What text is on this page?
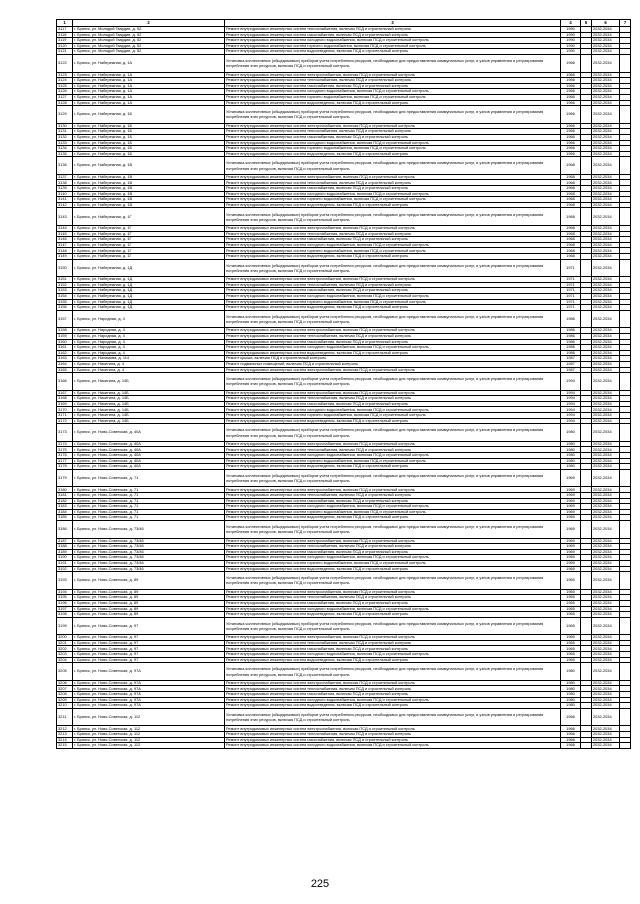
1	2	3	4	5	6	7
3117	г. Брянск, ул. Молодой Гвардии, д. 52	Ремонт внутридомовых инженерных систем теплоснабжения, включая ПСД и строительный контроль	1990		2032-2034	
3118	г. Брянск, ул. Молодой Гвардии, д. 52	Ремонт внутридомовых инженерных систем газоснабжения, включая ПСД и строительный контроль	1990		2032-2034	
3119	г. Брянск, ул. Молодой Гвардии, д. 52	Ремонт внутридомовых инженерных систем холодного водоснабжения, включая ПСД и строительный контроль	1990		2032-2034	
3120	г. Брянск, ул. Молодой Гвардии, д. 52	Ремонт внутридомовых инженерных систем горячего водоснабжения, включая ПСД и строительный контроль	1990		2032-2034	
3121	г. Брянск, ул. Молодой Гвардии, д. 52	Ремонт внутридомовых инженерных систем водоотведения, включая ПСД и строительный контроль	1990		2032-2034	
3122	г. Брянск, ул. Набережная, д. 1А	Установка коллективных (общедомовых) приборов учета потребления ресурсов, необходимых для предоставления коммунальных услуг, и узлов управления и регулирования потребления этих ресурсов, включая ПСД и строительный контроль	1966		2032-2034	
3123	г. Брянск, ул. Набережная, д. 1А	Ремонт внутридомовых инженерных систем электроснабжения, включая ПСД и строительный контроль	1966		2032-2034	
3124	г. Брянск, ул. Набережная, д. 1А	Ремонт внутридомовых инженерных систем теплоснабжения, включая ПСД и строительный контроль	1966		2032-2034	
3125	г. Брянск, ул. Набережная, д. 1А	Ремонт внутридомовых инженерных систем газоснабжения, включая ПСД и строительный контроль	1966		2032-2034	
3126	г. Брянск, ул. Набережная, д. 1А	Ремонт внутридомовых инженерных систем холодного водоснабжения, включая ПСД и строительный контроль	1966		2032-2034	
3127	г. Брянск, ул. Набережная, д. 1А	Ремонт внутридомовых инженерных систем горячего водоснабжения, включая ПСД и строительный контроль	1966		2032-2034	
3128	г. Брянск, ул. Набережная, д. 1А	Ремонт внутридомовых инженерных систем водоотведения, включая ПСД и строительный контроль	1966		2032-2034	
3129	г. Брянск, ул. Набережная, д. 1Б	Установка коллективных (общедомовых) приборов учета потребления ресурсов, необходимых для предоставления коммунальных услуг, и узлов управления и регулирования потребления этих ресурсов, включая ПСД и строительный контроль	1966		2032-2034	
3130	г. Брянск, ул. Набережная, д. 1Б	Ремонт внутридомовых инженерных систем электроснабжения, включая ПСД и строительный контроль	1966		2032-2034	
3131	г. Брянск, ул. Набережная, д. 1Б	Ремонт внутридомовых инженерных систем теплоснабжения, включая ПСД и строительный контроль	1966		2032-2034	
3132	г. Брянск, ул. Набережная, д. 1Б	Ремонт внутридомовых инженерных систем газоснабжения, включая ПСД и строительный контроль	1966		2032-2034	
3133	г. Брянск, ул. Набережная, д. 1Б	Ремонт внутридомовых инженерных систем холодного водоснабжения, включая ПСД и строительный контроль	1966		2032-2034	
3134	г. Брянск, ул. Набережная, д. 1Б	Ремонт внутридомовых инженерных систем горячего водоснабжения, включая ПСД и строительный контроль	1966		2032-2034	
3135	г. Брянск, ул. Набережная, д. 1Б	Ремонт внутридомовых инженерных систем водоотведения, включая ПСД и строительный контроль	1966		2032-2034	
3136	г. Брянск, ул. Набережная, д. 1В	Установка коллективных (общедомовых) приборов учета потребления ресурсов, необходимых для предоставления коммунальных услуг, и узлов управления и регулирования потребления этих ресурсов, включая ПСД и строительный контроль	1968		2032-2034	
3137	г. Брянск, ул. Набережная, д. 1В	Ремонт внутридомовых инженерных систем электроснабжения, включая ПСД и строительный контроль	1968		2032-2034	
3138	г. Брянск, ул. Набережная, д. 1В	Ремонт внутридомовых инженерных систем теплоснабжения, включая ПСД и строительный контроль	1968		2032-2034	
3139	г. Брянск, ул. Набережная, д. 1В	Ремонт внутридомовых инженерных систем газоснабжения, включая ПСД и строительный контроль	1968		2032-2034	
3140	г. Брянск, ул. Набережная, д. 1В	Ремонт внутридомовых инженерных систем холодного водоснабжения, включая ПСД и строительный контроль	1968		2032-2034	
3141	г. Брянск, ул. Набережная, д. 1В	Ремонт внутридомовых инженерных систем горячего водоснабжения, включая ПСД и строительный контроль	1968		2032-2034	
3142	г. Брянск, ул. Набережная, д. 1В	Ремонт внутридомовых инженерных систем водоотведения, включая ПСД и строительный контроль	1968		2032-2034	
3143	г. Брянск, ул. Набережная, д. 1Г	Установка коллективных (общедомовых) приборов учета потребления ресурсов, необходимых для предоставления коммунальных услуг, и узлов управления и регулирования потребления этих ресурсов, включая ПСД и строительный контроль	1968		2032-2034	
3144	г. Брянск, ул. Набережная, д. 1Г	Ремонт внутридомовых инженерных систем электроснабжения, включая ПСД и строительный контроль	1968		2032-2034	
3145	г. Брянск, ул. Набережная, д. 1Г	Ремонт внутридомовых инженерных систем теплоснабжения, включая ПСД и строительный контроль	1968		2032-2034	
3146	г. Брянск, ул. Набережная, д. 1Г	Ремонт внутридомовых инженерных систем газоснабжения, включая ПСД и строительный контроль	1968		2032-2034	
3147	г. Брянск, ул. Набережная, д. 1Г	Ремонт внутридомовых инженерных систем холодного водоснабжения, включая ПСД и строительный контроль	1968		2032-2034	
3148	г. Брянск, ул. Набережная, д. 1Г	Ремонт внутридомовых инженерных систем горячего водоснабжения, включая ПСД и строительный контроль	1968		2032-2034	
3149	г. Брянск, ул. Набережная, д. 1Г	Ремонт внутридомовых инженерных систем водоотведения, включая ПСД и строительный контроль	1968		2032-2034	
3150	г. Брянск, ул. Набережная, д. 1Д	Установка коллективных (общедомовых) приборов учета потребления ресурсов, необходимых для предоставления коммунальных услуг, и узлов управления и регулирования потребления этих ресурсов, включая ПСД и строительный контроль	1971		2032-2034	
3151	г. Брянск, ул. Набережная, д. 1Д	Ремонт внутридомовых инженерных систем электроснабжения, включая ПСД и строительный контроль	1971		2032-2034	
3152	г. Брянск, ул. Набережная, д. 1Д	Ремонт внутридомовых инженерных систем теплоснабжения, включая ПСД и строительный контроль	1971		2032-2034	
3153	г. Брянск, ул. Набережная, д. 1Д	Ремонт внутридомовых инженерных систем газоснабжения, включая ПСД и строительный контроль	1971		2032-2034	
3154	г. Брянск, ул. Набережная, д. 1Д	Ремонт внутридомовых инженерных систем холодного водоснабжения, включая ПСД и строительный контроль	1971		2032-2034	
3155	г. Брянск, ул. Набережная, д. 1Д	Ремонт внутридомовых инженерных систем горячего водоснабжения, включая ПСД и строительный контроль	1971		2032-2034	
3156	г. Брянск, ул. Набережная, д. 1Д	Ремонт внутридомовых инженерных систем водоотведения, включая ПСД и строительный контроль	1971		2032-2034	
3157	г. Брянск, ул. Народная, д. 4	Установка коллективных (общедомовых) приборов учета потребления ресурсов, необходимых для предоставления коммунальных услуг, и узлов управления и регулирования потребления этих ресурсов, включая ПСД и строительный контроль	1986		2032-2034	
3158	г. Брянск, ул. Народная, д. 4	Ремонт внутридомовых инженерных систем электроснабжения, включая ПСД и строительный контроль	1986		2032-2034	
3159	г. Брянск, ул. Народная, д. 4	Ремонт внутридомовых инженерных систем теплоснабжения, включая ПСД и строительный контроль	1986		2032-2034	
3160	г. Брянск, ул. Народная, д. 4	Ремонт внутридомовых инженерных систем газоснабжения, включая ПСД и строительный контроль	1986		2032-2034	
3161	г. Брянск, ул. Народная, д. 4	Ремонт внутридомовых инженерных систем холодного водоснабжения, включая ПСД и строительный контроль	1986		2032-2034	
3162	г. Брянск, ул. Народная, д. 4	Ремонт внутридомовых инженерных систем водоотведения, включая ПСД и строительный контроль	1986		2032-2034	
3163	г. Брянск, ул. Нахимова, д. 114	Ремонт крыши, включая ПСД и строительный контроль	1987		2032-2034	
3164	г. Брянск, ул. Никитина, д. 4	Ремонт подвальных помещений, включая ПСД и строительный контроль	1987		2032-2034	
3165	г. Брянск, ул. Никитина, д. 4	Ремонт внутридомовых инженерных систем электроснабжения, включая ПСД и строительный контроль	1987		2032-2034	
3166	г. Брянск, ул. Никитина, д. 14Б	Установка коллективных (общедомовых) приборов учета потребления ресурсов, необходимых для предоставления коммунальных услуг, и узлов управления и регулирования потребления этих ресурсов, включая ПСД и строительный контроль	1994		2032-2034	
3167	г. Брянск, ул. Никитина, д. 14Б	Ремонт внутридомовых инженерных систем электроснабжения, включая ПСД и строительный контроль	1994		2032-2034	
3168	г. Брянск, ул. Никитина, д. 14Б	Ремонт внутридомовых инженерных систем теплоснабжения, включая ПСД и строительный контроль	1994		2032-2034	
3169	г. Брянск, ул. Никитина, д. 14Б	Ремонт внутридомовых инженерных систем газоснабжения, включая ПСД и строительный контроль	1994		2032-2034	
3170	г. Брянск, ул. Никитина, д. 14Б	Ремонт внутридомовых инженерных систем холодного водоснабжения, включая ПСД и строительный контроль	1994		2032-2034	
3171	г. Брянск, ул. Никитина, д. 14Б	Ремонт внутридомовых инженерных систем горячего водоснабжения, включая ПСД и строительный контроль	1994		2032-2034	
3172	г. Брянск, ул. Никитина, д. 14Б	Ремонт внутридомовых инженерных систем водоотведения, включая ПСД и строительный контроль	1994		2032-2034	
3173	г. Брянск, ул. Ново-Советская, д. 40А	Установка коллективных (общедомовых) приборов учета потребления ресурсов, необходимых для предоставления коммунальных услуг, и узлов управления и регулирования потребления этих ресурсов, включая ПСД и строительный контроль	1980		2032-2034	
3174	г. Брянск, ул. Ново-Советская, д. 40А	Ремонт внутридомовых инженерных систем электроснабжения, включая ПСД и строительный контроль	1980		2032-2034	
3175	г. Брянск, ул. Ново-Советская, д. 40А	Ремонт внутридомовых инженерных систем теплоснабжения, включая ПСД и строительный контроль	1980		2032-2034	
3176	г. Брянск, ул. Ново-Советская, д. 40А	Ремонт внутридомовых инженерных систем холодного водоснабжения, включая ПСД и строительный контроль	1980		2032-2034	
3177	г. Брянск, ул. Ново-Советская, д. 40А	Ремонт внутридомовых инженерных систем горячего водоснабжения, включая ПСД и строительный контроль	1980		2032-2034	
3178	г. Брянск, ул. Ново-Советская, д. 40А	Ремонт внутридомовых инженерных систем водоотведения, включая ПСД и строительный контроль	1980		2032-2034	
3179	г. Брянск, ул. Ново-Советская, д. 71	Установка коллективных (общедомовых) приборов учета потребления ресурсов, необходимых для предоставления коммунальных услуг, и узлов управления и регулирования потребления этих ресурсов, включая ПСД и строительный контроль	1969		2032-2034	
3180	г. Брянск, ул. Ново-Советская, д. 71	Ремонт внутридомовых инженерных систем электроснабжения, включая ПСД и строительный контроль	1969		2032-2034	
3181	г. Брянск, ул. Ново-Советская, д. 71	Ремонт внутридомовых инженерных систем теплоснабжения, включая ПСД и строительный контроль	1969		2032-2034	
3182	г. Брянск, ул. Ново-Советская, д. 71	Ремонт внутридомовых инженерных систем газоснабжения, включая ПСД и строительный контроль	1969		2032-2034	
3183	г. Брянск, ул. Ново-Советская, д. 71	Ремонт внутридомовых инженерных систем холодного водоснабжения, включая ПСД и строительный контроль	1969		2032-2034	
3184	г. Брянск, ул. Ново-Советская, д. 71	Ремонт внутридомовых инженерных систем горячего водоснабжения, включая ПСД и строительный контроль	1969		2032-2034	
3185	г. Брянск, ул. Ново-Советская, д. 71	Ремонт внутридомовых инженерных систем водоотведения, включая ПСД и строительный контроль	1969		2032-2034	
3186	г. Брянск, ул. Ново-Советская, д. 73/46	Установка коллективных (общедомовых) приборов учета потребления ресурсов, необходимых для предоставления коммунальных услуг, и узлов управления и регулирования потребления этих ресурсов, включая ПСД и строительный контроль	1969		2032-2034	
3187	г. Брянск, ул. Ново-Советская, д. 73/46	Ремонт внутридомовых инженерных систем электроснабжения, включая ПСД и строительный контроль	1969		2032-2034	
3188	г. Брянск, ул. Ново-Советская, д. 73/46	Ремонт внутридомовых инженерных систем теплоснабжения, включая ПСД и строительный контроль	1969		2032-2034	
3189	г. Брянск, ул. Ново-Советская, д. 73/46	Ремонт внутридомовых инженерных систем газоснабжения, включая ПСД и строительный контроль	1969		2032-2034	
3190	г. Брянск, ул. Ново-Советская, д. 73/46	Ремонт внутридомовых инженерных систем холодного водоснабжения, включая ПСД и строительный контроль	1969		2032-2034	
3191	г. Брянск, ул. Ново-Советская, д. 73/46	Ремонт внутридомовых инженерных систем горячего водоснабжения, включая ПСД и строительный контроль	1969		2032-2034	
3192	г. Брянск, ул. Ново-Советская, д. 73/46	Ремонт внутридомовых инженерных систем водоотведения, включая ПСД и строительный контроль	1969		2032-2034	
3193	г. Брянск, ул. Ново-Советская, д. 89	Установка коллективных (общедомовых) приборов учета потребления ресурсов, необходимых для предоставления коммунальных услуг, и узлов управления и регулирования потребления этих ресурсов, включая ПСД и строительный контроль	1965		2032-2034	
3194	г. Брянск, ул. Ново-Советская, д. 89	Ремонт внутридомовых инженерных систем электроснабжения, включая ПСД и строительный контроль	1965		2032-2034	
3195	г. Брянск, ул. Ново-Советская, д. 89	Ремонт внутридомовых инженерных систем теплоснабжения, включая ПСД и строительный контроль	1965		2032-2034	
3196	г. Брянск, ул. Ново-Советская, д. 89	Ремонт внутридомовых инженерных систем газоснабжения, включая ПСД и строительный контроль	1965		2032-2034	
3197	г. Брянск, ул. Ново-Советская, д. 89	Ремонт внутридомовых инженерных систем холодного водоснабжения, включая ПСД и строительный контроль	1965		2032-2034	
3198	г. Брянск, ул. Ново-Советская, д. 89	Ремонт внутридомовых инженерных систем водоотведения, включая ПСД и строительный контроль	1965		2032-2034	
3199	г. Брянск, ул. Ново-Советская, д. 97	Установка коллективных (общедомовых) приборов учета потребления ресурсов, необходимых для предоставления коммунальных услуг, и узлов управления и регулирования потребления этих ресурсов, включая ПСД и строительный контроль	1965		2032-2034	
3200	г. Брянск, ул. Ново-Советская, д. 97	Ремонт внутридомовых инженерных систем электроснабжения, включая ПСД и строительный контроль	1965		2032-2034	
3201	г. Брянск, ул. Ново-Советская, д. 97	Ремонт внутридомовых инженерных систем теплоснабжения, включая ПСД и строительный контроль	1965		2032-2034	
3202	г. Брянск, ул. Ново-Советская, д. 97	Ремонт внутридомовых инженерных систем газоснабжения, включая ПСД и строительный контроль	1965		2032-2034	
3203	г. Брянск, ул. Ново-Советская, д. 97	Ремонт внутридомовых инженерных систем холодного водоснабжения, включая ПСД и строительный контроль	1965		2032-2034	
3204	г. Брянск, ул. Ново-Советская, д. 97	Ремонт внутридомовых инженерных систем водоотведения, включая ПСД и строительный контроль	1965		2032-2034	
3205	г. Брянск, ул. Ново-Советская, д. 97А	Установка коллективных (общедомовых) приборов учета потребления ресурсов, необходимых для предоставления коммунальных услуг, и узлов управления и регулирования потребления этих ресурсов, включая ПСД и строительный контроль	1980		2032-2034	
3206	г. Брянск, ул. Ново-Советская, д. 97А	Ремонт внутридомовых инженерных систем электроснабжения, включая ПСД и строительный контроль	1980		2032-2034	
3207	г. Брянск, ул. Ново-Советская, д. 97А	Ремонт внутридомовых инженерных систем теплоснабжения, включая ПСД и строительный контроль	1980		2032-2034	
3208	г. Брянск, ул. Ново-Советская, д. 97А	Ремонт внутридомовых инженерных систем газоснабжения, включая ПСД и строительный контроль	1980		2032-2034	
3209	г. Брянск, ул. Ново-Советская, д. 97А	Ремонт внутридомовых инженерных систем холодного водоснабжения, включая ПСД и строительный контроль	1980		2032-2034	
3210	г. Брянск, ул. Ново-Советская, д. 97А	Ремонт внутридомовых инженерных систем водоотведения, включая ПСД и строительный контроль	1980		2032-2034	
3211	г. Брянск, ул. Ново-Советская, д. 112	Установка коллективных (общедомовых) приборов учета потребления ресурсов, необходимых для предоставления коммунальных услуг, и узлов управления и регулирования потребления этих ресурсов, включая ПСД и строительный контроль	1966		2032-2034	
3212	г. Брянск, ул. Ново-Советская, д. 112	Ремонт внутридомовых инженерных систем электроснабжения, включая ПСД и строительный контроль	1966		2032-2034	
3213	г. Брянск, ул. Ново-Советская, д. 112	Ремонт внутридомовых инженерных систем теплоснабжения, включая ПСД и строительный контроль	1966		2032-2034	
3214	г. Брянск, ул. Ново-Советская, д. 112	Ремонт внутридомовых инженерных систем газоснабжения, включая ПСД и строительный контроль	1966		2032-2034	
3215	г. Брянск, ул. Ново-Советская, д. 112	Ремонт внутридомовых инженерных систем холодного водоснабжения, включая ПСД и строительный контроль	1966		2032-2034	
225
